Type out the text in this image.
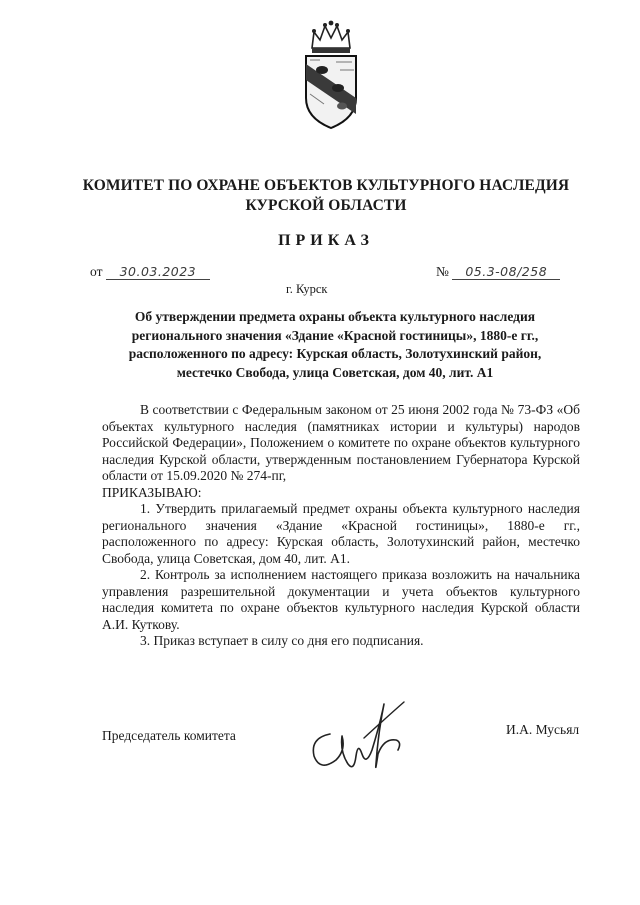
КОМИТЕТ ПО ОХРАНЕ ОБЪЕКТОВ КУЛЬТУРНОГО НАСЛЕДИЯ
КУРСКОЙ ОБЛАСТИ
ПРИКАЗ
от 30.03.2023	№ 05.3-08/258
г. Курск
Об утверждении предмета охраны объекта культурного наследия
регионального значения «Здание «Красной гостиницы», 1880-е гг.,
расположенного по адресу: Курская область, Золотухинский район,
местечко Свобода, улица Советская, дом 40, лит. А1

В соответствии с Федеральным законом от 25 июня 2002 года № 73-ФЗ «Об объектах культурного наследия (памятниках истории и культуры) народов Российской Федерации», Положением о комитете по охране объектов культурного наследия Курской области, утвержденным постановлением Губернатора Курской области от 15.09.2020 № 274-пг,

ПРИКАЗЫВАЮ:

1. Утвердить прилагаемый предмет охраны объекта культурного наследия регионального значения «Здание «Красной гостиницы», 1880-е гг., расположенного по адресу: Курская область, Золотухинский район, местечко Свобода, улица Советская, дом 40, лит. А1.

2. Контроль за исполнением настоящего приказа возложить на начальника управления разрешительной документации и учета объектов культурного наследия комитета по охране объектов культурного наследия Курской области А.И. Куткову.

3. Приказ вступает в силу со дня его подписания.

Председатель комитета	И.А. Мусьял
